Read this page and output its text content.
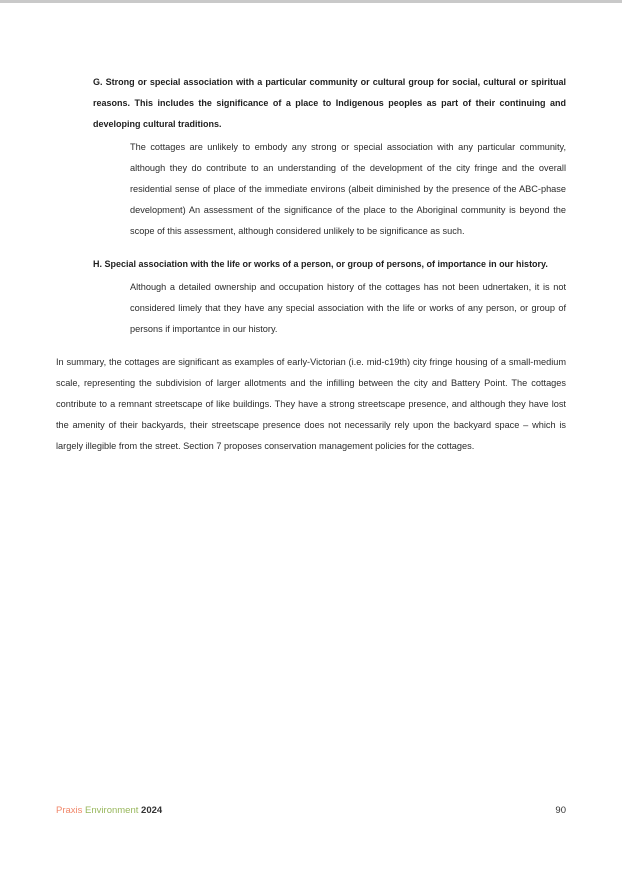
G. Strong or special association with a particular community or cultural group for social, cultural or spiritual reasons. This includes the significance of a place to Indigenous peoples as part of their continuing and developing cultural traditions.

The cottages are unlikely to embody any strong or special association with any particular community, although they do contribute to an understanding of the development of the city fringe and the overall residential sense of place of the immediate environs (albeit diminished by the presence of the ABC-phase development) An assessment of the significance of the place to the Aboriginal community is beyond the scope of this assessment, although considered unlikely to be significance as such.

H. Special association with the life or works of a person, or group of persons, of importance in our history.

Although a detailed ownership and occupation history of the cottages has not been udnertaken, it is not considered limely that they have any special association with the life or works of any person, or group of persons if importantce in our history.

In summary, the cottages are significant as examples of early-Victorian (i.e. mid-c19th) city fringe housing of a small-medium scale, representing the subdivision of larger allotments and the infilling between the city and Battery Point. The cottages contribute to a remnant streetscape of like buildings. They have a strong streetscape presence, and although they have lost the amenity of their backyards, their streetscape presence does not necessarily rely upon the backyard space – which is largely illegible from the street. Section 7 proposes conservation management policies for the cottages.

Praxis Environment 2024	90
